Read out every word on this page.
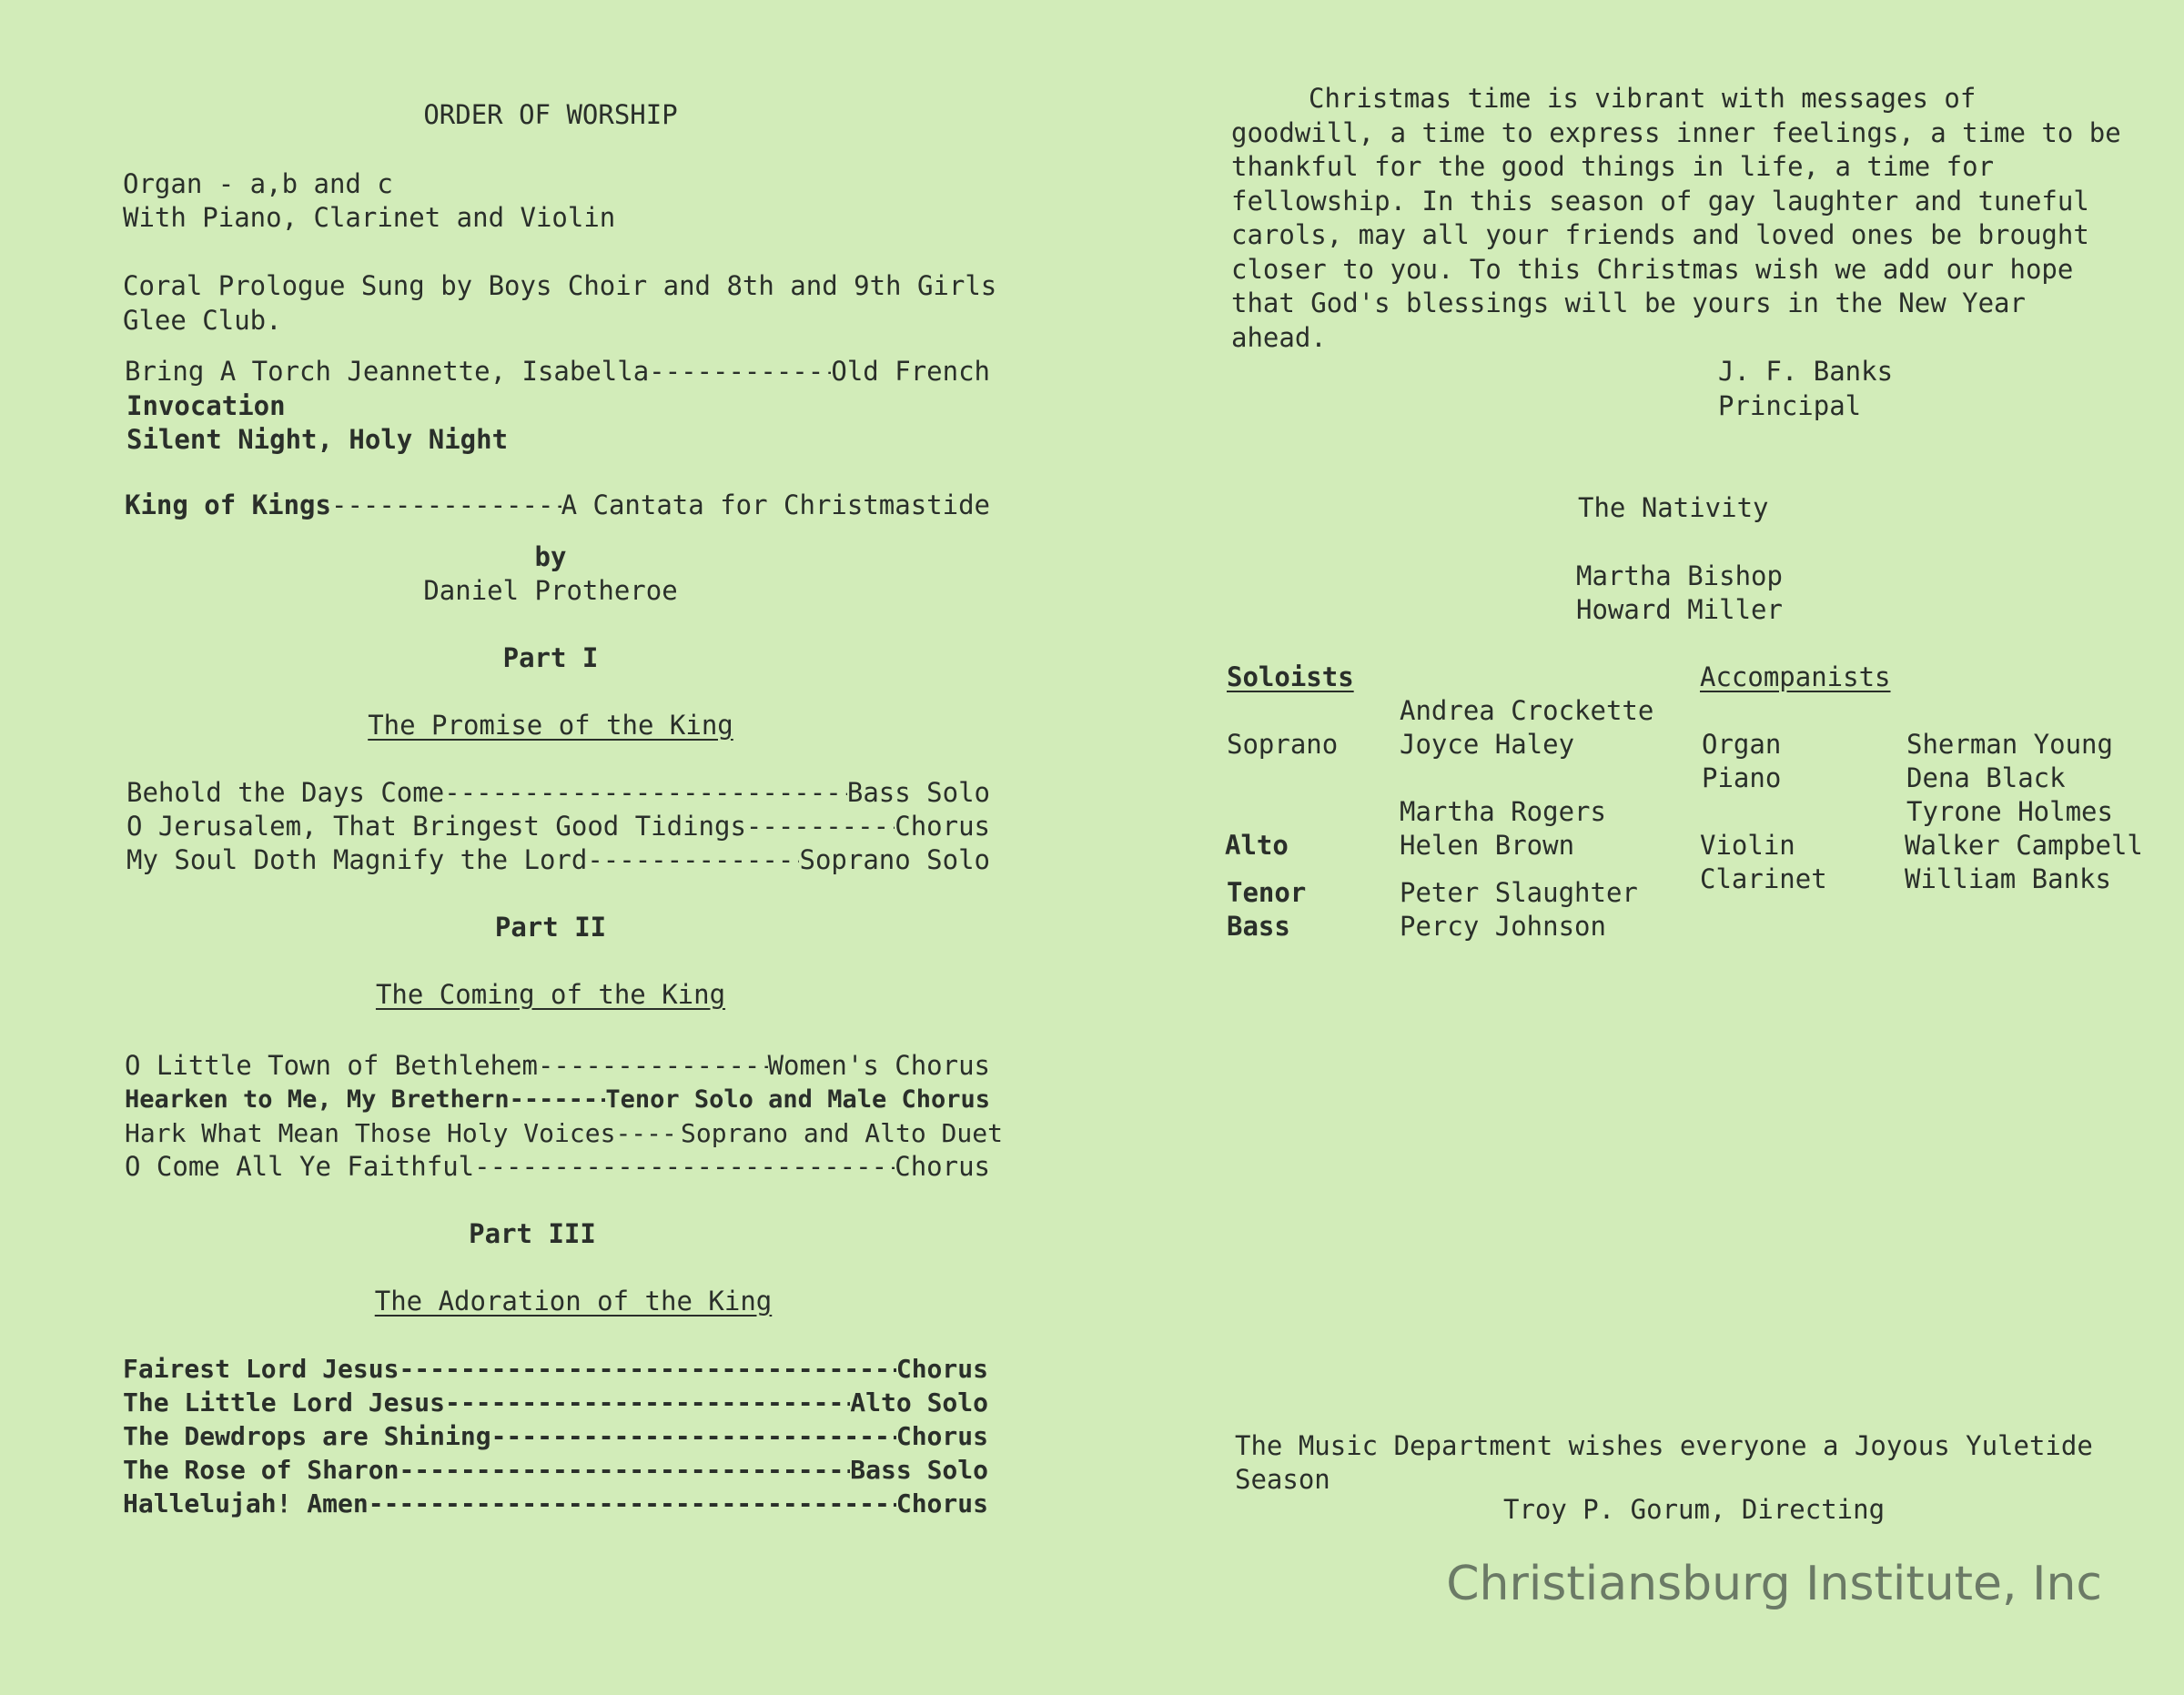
ORDER OF WORSHIP
Organ - a,b and c
With Piano, Clarinet and Violin
Coral Prologue Sung by Boys Choir and 8th and 9th Girls
Glee Club.
Bring A Torch Jeannette, Isabella -----	Old French
Invocation
Silent Night, Holy Night
King of Kings -----	A Cantata for Christmastide
by
Daniel Protheroe
Part I
The Promise of the King
Behold the Days Come -----	Bass Solo
O Jerusalem, That Bringest Good Tidings -----	Chorus
My Soul Doth Magnify the Lord -----	Soprano Solo
Part II
The Coming of the King
O Little Town of Bethlehem -----	Women's Chorus
Hearken to Me, My Brethern -----	Tenor Solo and Male Chorus
Hark What Mean Those Holy Voices -----	Soprano and Alto Duet
O Come All Ye Faithful -----	Chorus
Part III
The Adoration of the King
Fairest Lord Jesus -----	Chorus
The Little Lord Jesus -----	Alto Solo
The Dewdrops are Shining -----	Chorus
The Rose of Sharon -----	Bass Solo
Hallelujah! Amen -----	Chorus
Christmas time is vibrant with messages of goodwill, a time to express inner feelings, a time to be thankful for the good things in life, a time for fellowship. In this season of gay laughter and tuneful carols, may all your friends and loved ones be brought closer to you. To this Christmas wish we add our hope that God's blessings will be yours in the New Year ahead.
J. F. Banks
Principal
The Nativity
Martha Bishop
Howard Miller
Soloists
Andrea Crockette
Soprano Joyce Haley
Martha Rogers
Alto	Helen Brown
Tenor	Peter Slaughter
Bass	Percy Johnson
Accompanists
Organ	Sherman Young
Piano	Dena Black
Tyrone Holmes
Violin	Walker Campbell
Clarinet	William Banks
The Music Department wishes everyone a Joyous Yuletide
Season
Troy P. Gorum, Directing
Christiansburg Institute, Inc
